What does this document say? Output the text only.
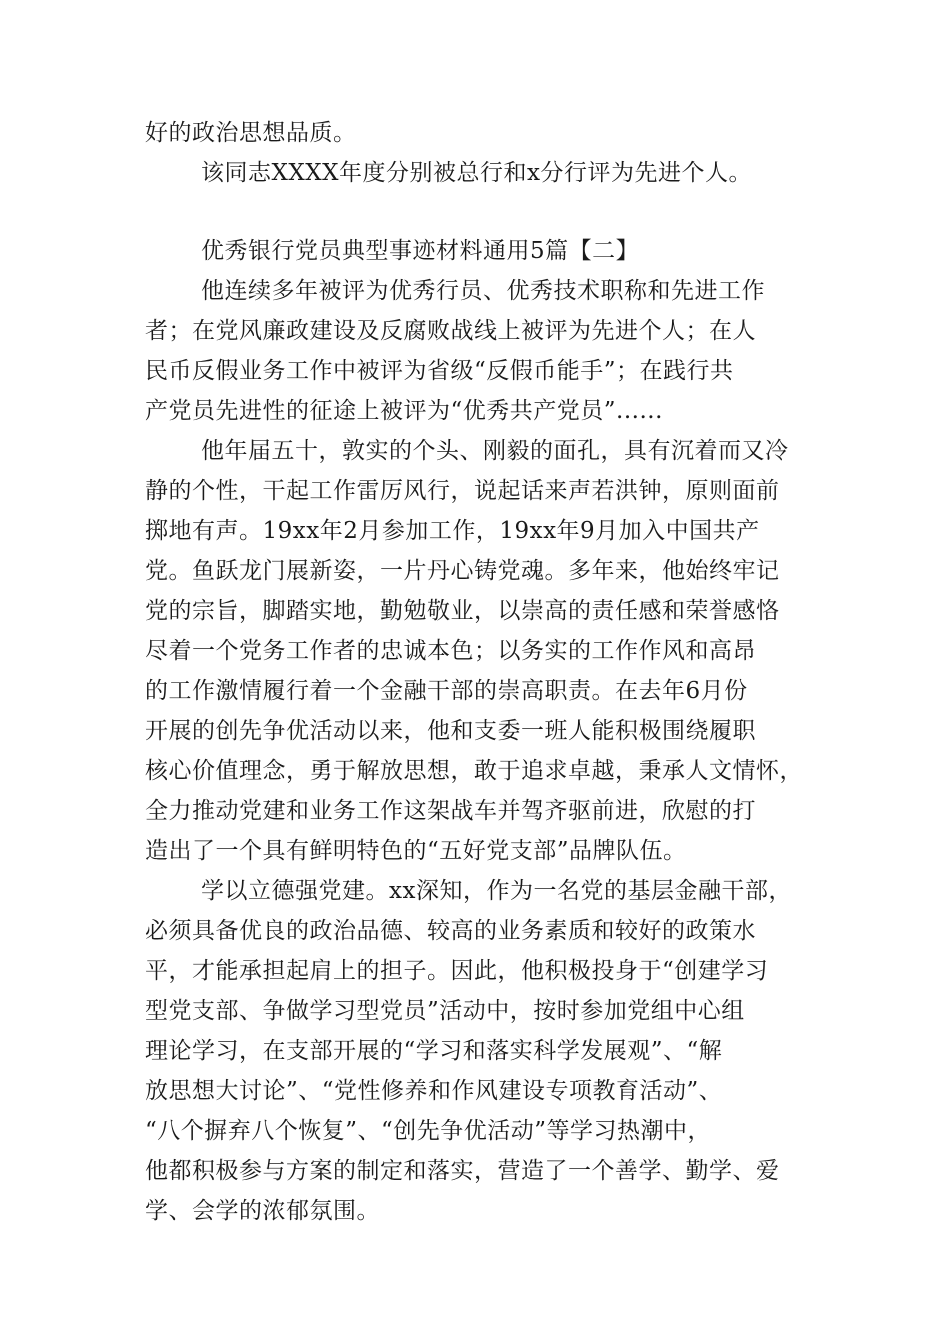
好的政治思想品质。
该同志XXXX年度分别被总行和x分行评为先进个人。
优秀银行党员典型事迹材料通用5篇【二】
他连续多年被评为优秀行员、优秀技术职称和先进工作
者；在党风廉政建设及反腐败战线上被评为先进个人；在人
民币反假业务工作中被评为省级“反假币能手”；在践行共
产党员先进性的征途上被评为“优秀共产党员”......
他年届五十，敦实的个头、刚毅的面孔，具有沉着而又冷
静的个性，干起工作雷厉风行，说起话来声若洪钟，原则面前
掷地有声。19xx年2月参加工作，19xx年9月加入中国共产
党。鱼跃龙门展新姿，一片丹心铸党魂。多年来，他始终牢记
党的宗旨，脚踏实地，勤勉敬业，以崇高的责任感和荣誉感恪
尽着一个党务工作者的忠诚本色；以务实的工作作风和高昂
的工作激情履行着一个金融干部的崇高职责。在去年6月份
开展的创先争优活动以来，他和支委一班人能积极围绕履职
核心价值理念，勇于解放思想，敢于追求卓越，秉承人文情怀，
全力推动党建和业务工作这架战车并驾齐驱前进，欣慰的打
造出了一个具有鲜明特色的“五好党支部”品牌队伍。
学以立德强党建。xx深知，作为一名党的基层金融干部，
必须具备优良的政治品德、较高的业务素质和较好的政策水
平，才能承担起肩上的担子。因此，他积极投身于“创建学习
型党支部、争做学习型党员”活动中，按时参加党组中心组
理论学习，在支部开展的“学习和落实科学发展观”、“解
放思想大讨论”、“党性修养和作风建设专项教育活动”、
“八个摒弃八个恢复”、“创先争优活动”等学习热潮中，
他都积极参与方案的制定和落实，营造了一个善学、勤学、爱
学、会学的浓郁氛围。
